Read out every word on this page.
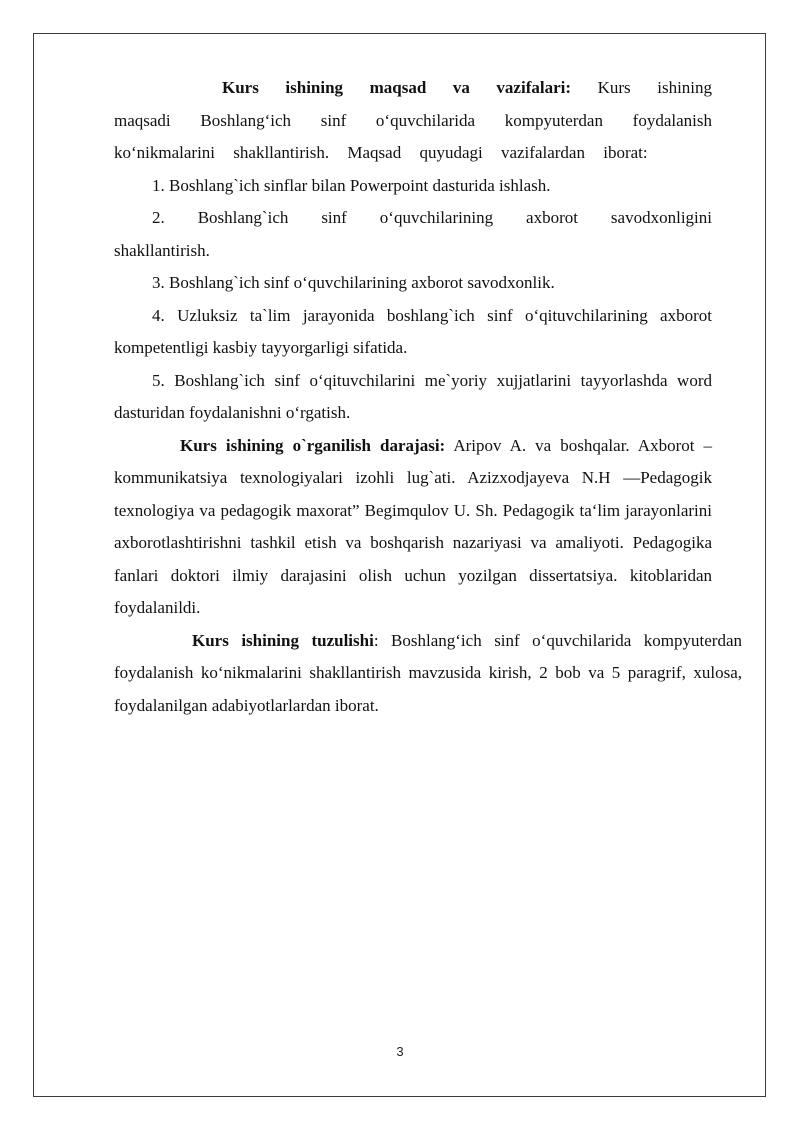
Kurs ishining maqsad va vazifalari: Kurs ishining maqsadi Boshlang‘ich sinf o‘quvchilarida kompyuterdan foydalanish ko‘nikmalarini shakllantirish. Maqsad quyudagi vazifalardan iborat:

1. Boshlang`ich sinflar bilan Powerpoint dasturida ishlash.

2. Boshlang`ich sinf o‘quvchilarining axborot savodxonligini shakllantirish.

3. Boshlang`ich sinf o‘quvchilarining axborot savodxonlik.

4. Uzluksiz ta`lim jarayonida boshlang`ich sinf o‘qituvchilarining axborot kompetentligi kasbiy tayyorgarligi sifatida.

5. Boshlang`ich sinf o‘qituvchilarini me`yoriy xujjatlarini tayyorlashda word dasturidan foydalanishni o‘rgatish.

Kurs ishining o`rganilish darajasi: Aripov A. va boshqalar. Axborot – kommunikatsiya texnologiyalari izohli lug`ati. Azizxodjayeva N.H ―Pedagogik texnologiya va pedagogik maxorat” Begimqulov U. Sh. Pedagogik ta‘lim jarayonlarini axborotlashtirishni tashkil etish va boshqarish nazariyasi va amaliyoti. Pedagogika fanlari doktori ilmiy darajasini olish uchun yozilgan dissertatsiya. kitoblaridan foydalanildi.

Kurs ishining tuzulishi: Boshlang‘ich sinf o‘quvchilarida kompyuterdan foydalanish ko‘nikmalarini shakllantirish mavzusida kirish, 2 bob va 5 paragrif, xulosa, foydalanilgan adabiyotlarlardan iborat.

3
